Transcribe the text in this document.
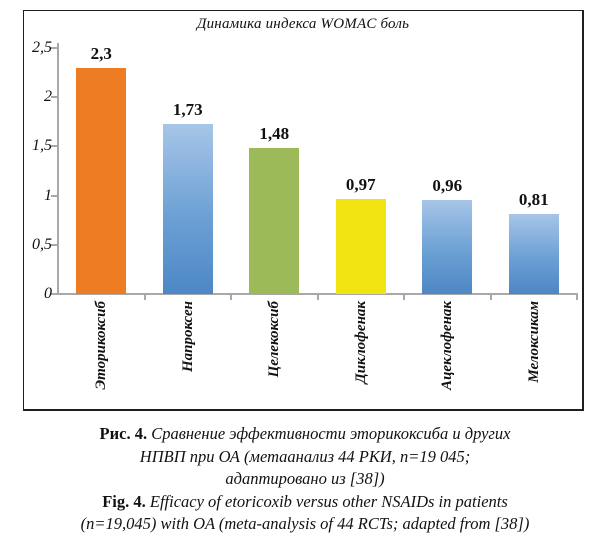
Динамика индекса WOMAC боль
0
0,5
1
1,5
2
2,5	2,3
Эторикоксиб
1,73
Напроксен
1,48
Целекоксиб
0,97
Диклофенак
0,96
Ацеклофенак
0,81
Мелоксикам
Рис. 4. Сравнение эффективности эторикоксиба и других
НПВП при ОА (метаанализ 44 РКИ, n=19 045;
адаптировано из [38])
Fig. 4. Efficacy of etoricoxib versus other NSAIDs in patients
(n=19,045) with OA (meta-analysis of 44 RCTs; adapted from [38])
